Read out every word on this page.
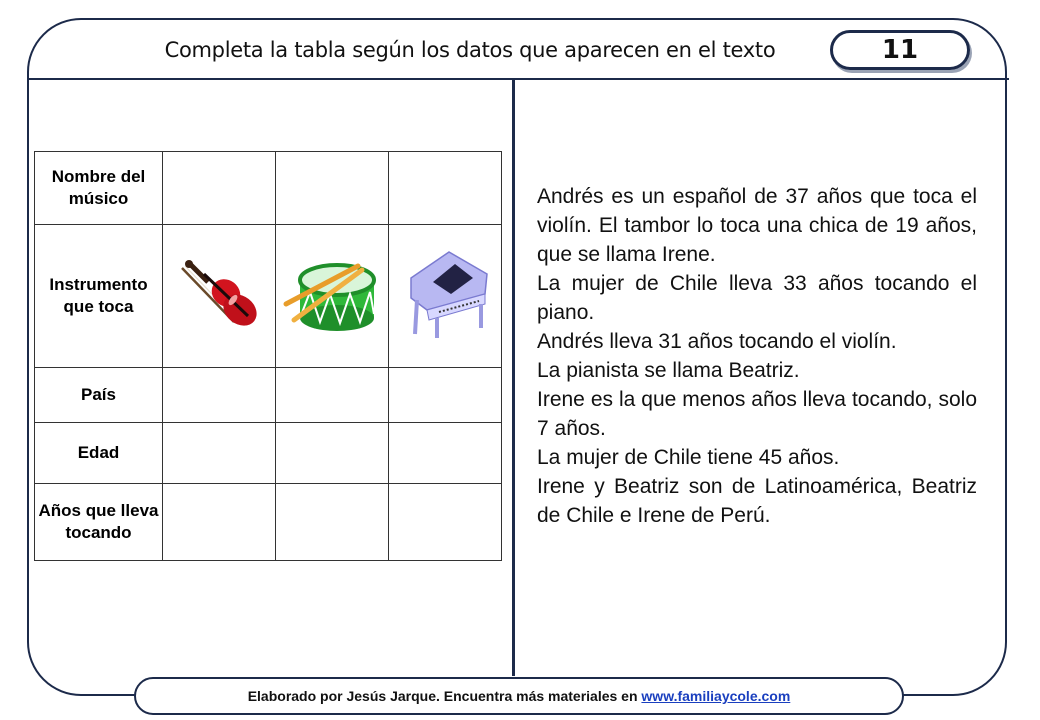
Completa la tabla según los datos que aparecen en el texto	11
Nombre del músico			
Instrumento que toca			
País			
Edad			
Años que lleva tocando			

Andrés es un español de 37 años que toca el violín. El tambor lo toca una chica de 19 años, que se llama Irene.

La mujer de Chile lleva 33 años tocando el piano.

Andrés lleva 31 años tocando el violín.

La pianista se llama Beatriz.

Irene es la que menos años lleva tocando, solo 7 años.

La mujer de Chile tiene 45 años.

Irene y Beatriz son de Latinoamérica, Beatriz de Chile e Irene de Perú.

Elaborado por Jesús Jarque. Encuentra más materiales en www.familiaycole.com
